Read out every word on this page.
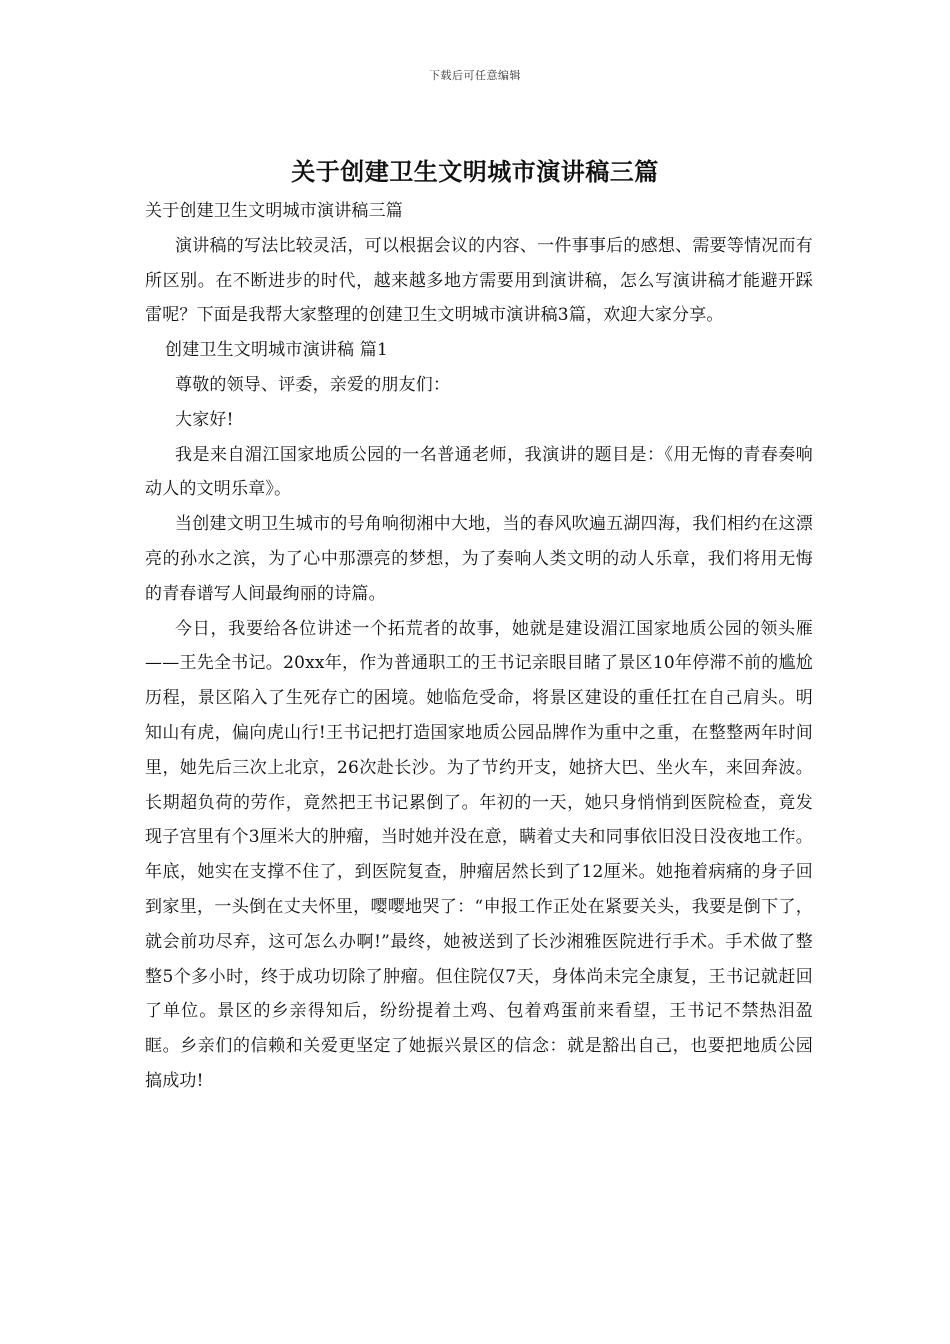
下载后可任意编辑
关于创建卫生文明城市演讲稿三篇

关于创建卫生文明城市演讲稿三篇

演讲稿的写法比较灵活，可以根据会议的内容、一件事事后的感想、需要等情况而有所区别。在不断进步的时代，越来越多地方需要用到演讲稿，怎么写演讲稿才能避开踩雷呢？下面是我帮大家整理的创建卫生文明城市演讲稿3篇，欢迎大家分享。

创建卫生文明城市演讲稿 篇1

尊敬的领导、评委，亲爱的朋友们：

大家好!

我是来自湄江国家地质公园的一名普通老师，我演讲的题目是：《用无悔的青春奏响动人的文明乐章》。

当创建文明卫生城市的号角响彻湘中大地，当的春风吹遍五湖四海，我们相约在这漂亮的孙水之滨，为了心中那漂亮的梦想，为了奏响人类文明的动人乐章，我们将用无悔的青春谱写人间最绚丽的诗篇。

今日，我要给各位讲述一个拓荒者的故事，她就是建设湄江国家地质公园的领头雁——王先全书记。20xx年，作为普通职工的王书记亲眼目睹了景区10年停滞不前的尴尬历程，景区陷入了生死存亡的困境。她临危受命，将景区建设的重任扛在自己肩头。明知山有虎，偏向虎山行!王书记把打造国家地质公园品牌作为重中之重，在整整两年时间里，她先后三次上北京，26次赴长沙。为了节约开支，她挤大巴、坐火车，来回奔波。长期超负荷的劳作，竟然把王书记累倒了。年初的一天，她只身悄悄到医院检查，竟发现子宫里有个3厘米大的肿瘤，当时她并没在意，瞒着丈夫和同事依旧没日没夜地工作。年底，她实在支撑不住了，到医院复查，肿瘤居然长到了12厘米。她拖着病痛的身子回到家里，一头倒在丈夫怀里，嘤嘤地哭了：“申报工作正处在紧要关头，我要是倒下了，就会前功尽弃，这可怎么办啊!”最终，她被送到了长沙湘雅医院进行手术。手术做了整整5个多小时，终于成功切除了肿瘤。但住院仅7天，身体尚未完全康复，王书记就赶回了单位。景区的乡亲得知后，纷纷提着土鸡、包着鸡蛋前来看望，王书记不禁热泪盈眶。乡亲们的信赖和关爱更坚定了她振兴景区的信念：就是豁出自己，也要把地质公园搞成功!
